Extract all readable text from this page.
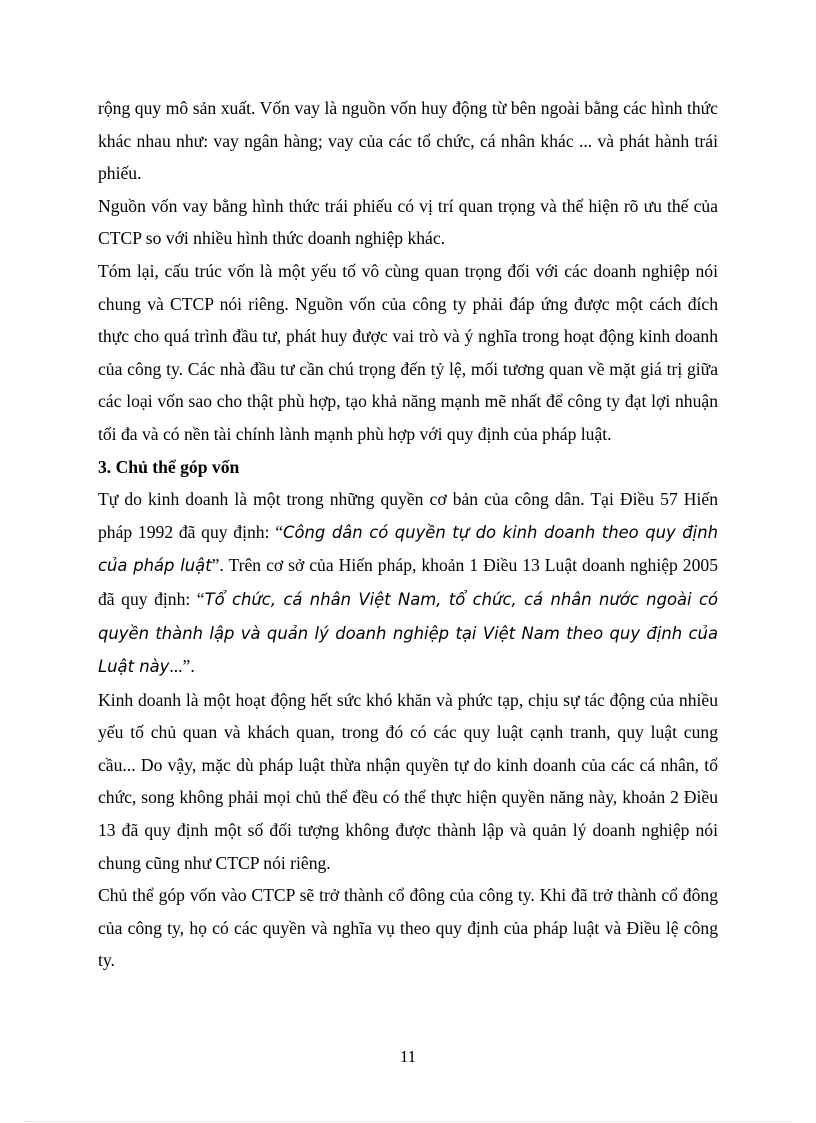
rộng quy mô sản xuất. Vốn vay là nguồn vốn huy động từ bên ngoài bằng các hình thức khác nhau như: vay ngân hàng; vay của các tổ chức, cá nhân khác ... và phát hành trái phiếu.

Nguồn vốn vay bằng hình thức trái phiếu có vị trí quan trọng và thể hiện rõ ưu thế của CTCP so với nhiều hình thức doanh nghiệp khác.

Tóm lại, cấu trúc vốn là một yếu tố vô cùng quan trọng đối với các doanh nghiệp nói chung và CTCP nói riêng. Nguồn vốn của công ty phải đáp ứng được một cách đích thực cho quá trình đầu tư, phát huy được vai trò và ý nghĩa trong hoạt động kinh doanh của công ty. Các nhà đầu tư cần chú trọng đến tỷ lệ, mối tương quan về mặt giá trị giữa các loại vốn sao cho thật phù hợp, tạo khả năng mạnh mẽ nhất để công ty đạt lợi nhuận tối đa và có nền tài chính lành mạnh phù hợp với quy định của pháp luật.

3. Chủ thể góp vốn

Tự do kinh doanh là một trong những quyền cơ bản của công dân. Tại Điều 57 Hiến pháp 1992 đã quy định: “Công dân có quyền tự do kinh doanh theo quy định của pháp luật”. Trên cơ sở của Hiến pháp, khoản 1 Điều 13 Luật doanh nghiệp 2005 đã quy định: “Tổ chức, cá nhân Việt Nam, tổ chức, cá nhân nước ngoài có quyền thành lập và quản lý doanh nghiệp tại Việt Nam theo quy định của Luật này...”.

Kinh doanh là một hoạt động hết sức khó khăn và phức tạp, chịu sự tác động của nhiều yếu tố chủ quan và khách quan, trong đó có các quy luật cạnh tranh, quy luật cung cầu... Do vậy, mặc dù pháp luật thừa nhận quyền tự do kinh doanh của các cá nhân, tổ chức, song không phải mọi chủ thể đều có thể thực hiện quyền năng này, khoản 2 Điều 13 đã quy định một số đối tượng không được thành lập và quản lý doanh nghiệp nói chung cũng như CTCP nói riêng.

Chủ thể góp vốn vào CTCP sẽ trở thành cổ đông của công ty. Khi đã trở thành cổ đông của công ty, họ có các quyền và nghĩa vụ theo quy định của pháp luật và Điều lệ công ty.

11
